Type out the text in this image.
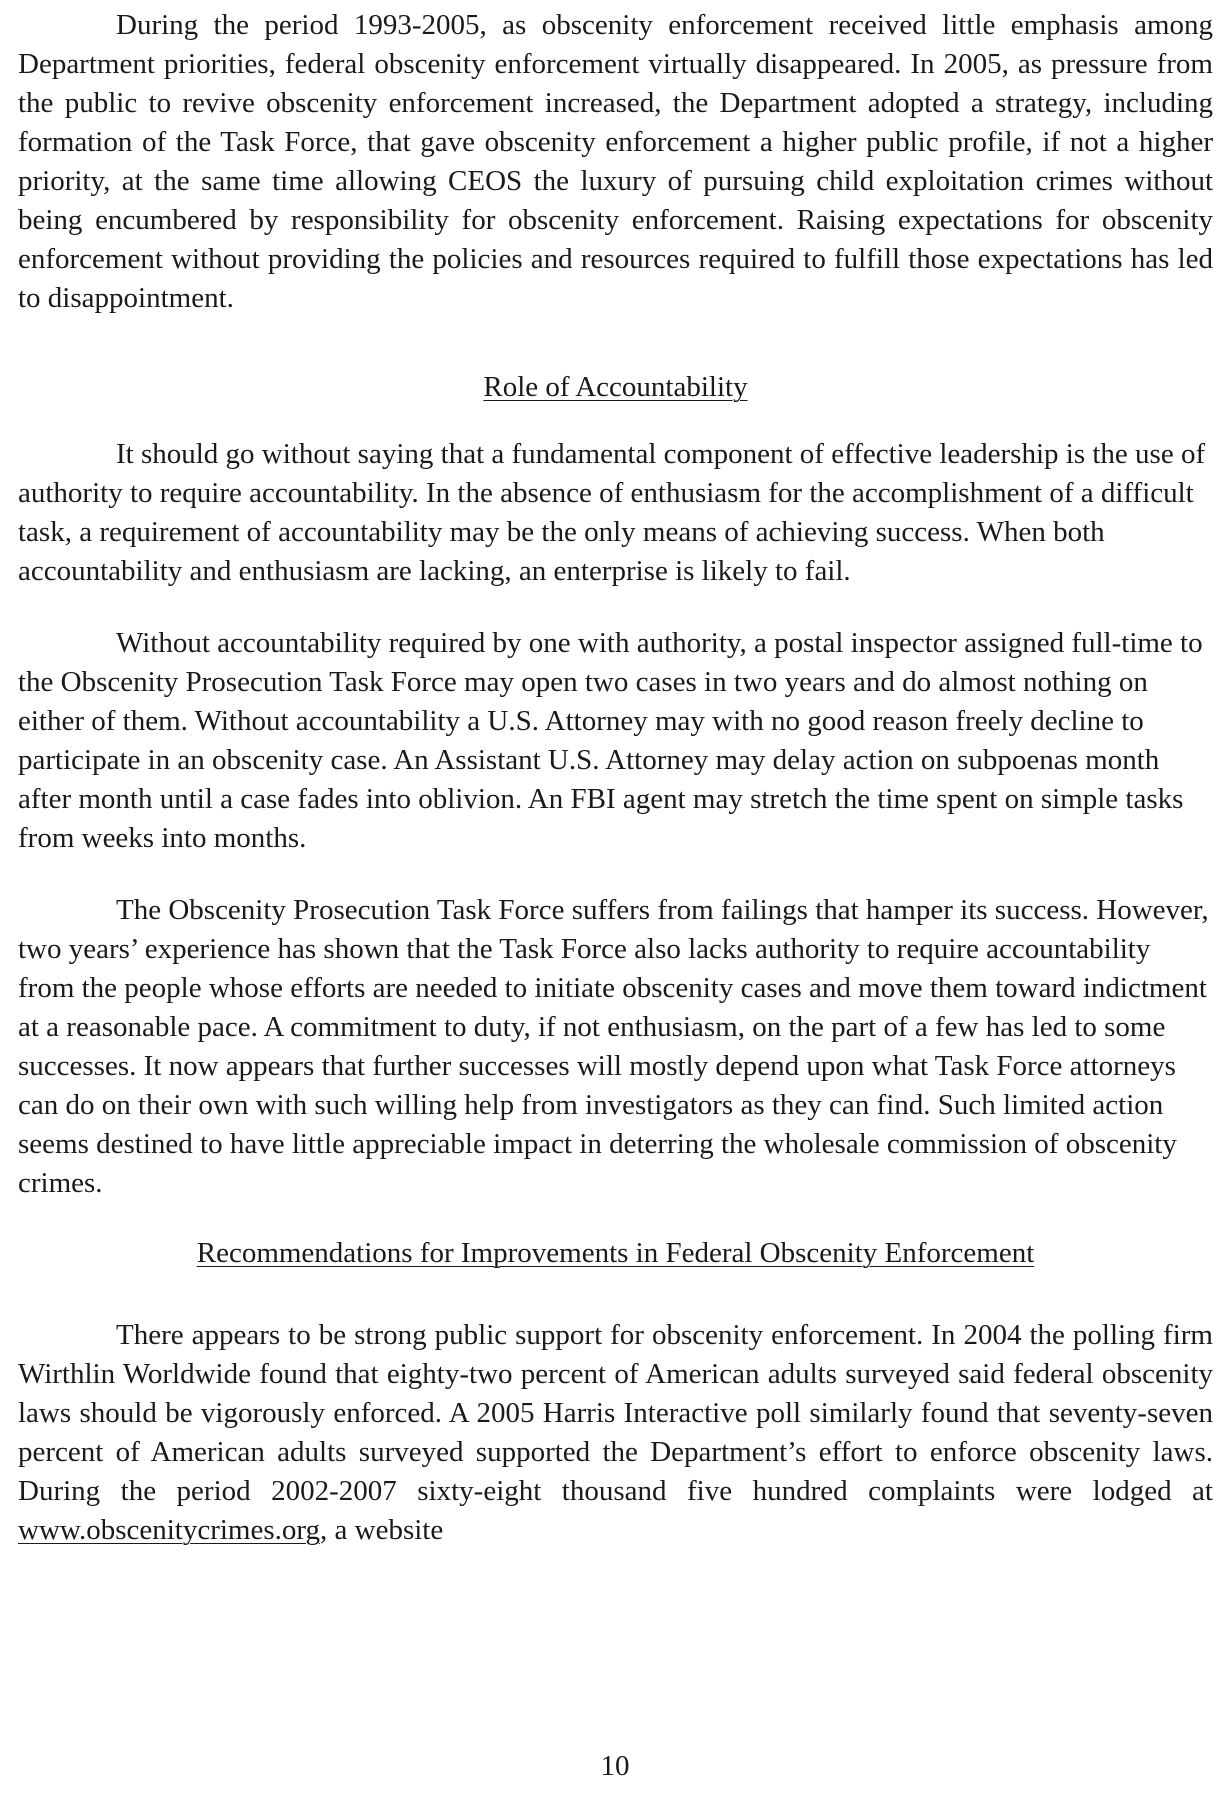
During the period 1993-2005, as obscenity enforcement received little emphasis among Department priorities, federal obscenity enforcement virtually disappeared. In 2005, as pressure from the public to revive obscenity enforcement increased, the Department adopted a strategy, including formation of the Task Force, that gave obscenity enforcement a higher public profile, if not a higher priority, at the same time allowing CEOS the luxury of pursuing child exploitation crimes without being encumbered by responsibility for obscenity enforcement. Raising expectations for obscenity enforcement without providing the policies and resources required to fulfill those expectations has led to disappointment.

Role of Accountability

It should go without saying that a fundamental component of effective leadership is the use of authority to require accountability. In the absence of enthusiasm for the accomplishment of a difficult task, a requirement of accountability may be the only means of achieving success. When both accountability and enthusiasm are lacking, an enterprise is likely to fail.

Without accountability required by one with authority, a postal inspector assigned full-time to the Obscenity Prosecution Task Force may open two cases in two years and do almost nothing on either of them. Without accountability a U.S. Attorney may with no good reason freely decline to participate in an obscenity case. An Assistant U.S. Attorney may delay action on subpoenas month after month until a case fades into oblivion. An FBI agent may stretch the time spent on simple tasks from weeks into months.

The Obscenity Prosecution Task Force suffers from failings that hamper its success. However, two years’ experience has shown that the Task Force also lacks authority to require accountability from the people whose efforts are needed to initiate obscenity cases and move them toward indictment at a reasonable pace. A commitment to duty, if not enthusiasm, on the part of a few has led to some successes. It now appears that further successes will mostly depend upon what Task Force attorneys can do on their own with such willing help from investigators as they can find. Such limited action seems destined to have little appreciable impact in deterring the wholesale commission of obscenity crimes.

Recommendations for Improvements in Federal Obscenity Enforcement

There appears to be strong public support for obscenity enforcement. In 2004 the polling firm Wirthlin Worldwide found that eighty-two percent of American adults surveyed said federal obscenity laws should be vigorously enforced. A 2005 Harris Interactive poll similarly found that seventy-seven percent of American adults surveyed supported the Department’s effort to enforce obscenity laws. During the period 2002-2007 sixty-eight thousand five hundred complaints were lodged at www.obscenitycrimes.org, a website

10
